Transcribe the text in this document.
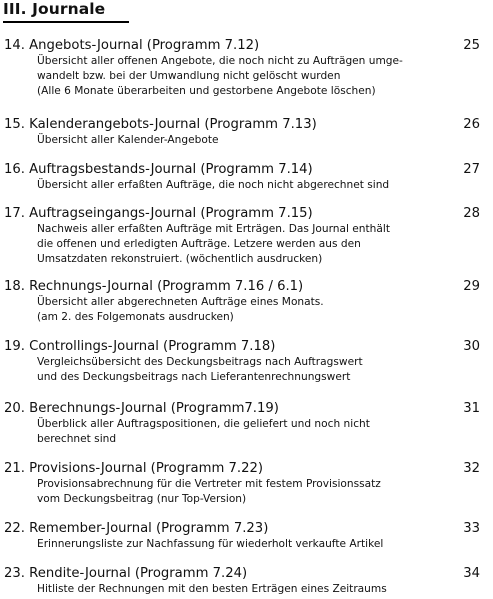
III. Journale
14. Angebots-Journal (Programm 7.12)	25
Übersicht aller offenen Angebote, die noch nicht zu Aufträgen umge-
wandelt bzw. bei der Umwandlung nicht gelöscht wurden
(Alle 6 Monate überarbeiten und gestorbene Angebote löschen)
15. Kalenderangebots-Journal (Programm 7.13)	26
Übersicht aller Kalender-Angebote
16. Auftragsbestands-Journal (Programm 7.14)	27
Übersicht aller erfaßten Aufträge, die noch nicht abgerechnet sind
17. Auftragseingangs-Journal (Programm 7.15)	28
Nachweis aller erfaßten Aufträge mit Erträgen. Das Journal enthält
die offenen und erledigten Aufträge. Letzere werden aus den
Umsatzdaten rekonstruiert. (wöchentlich ausdrucken)
18. Rechnungs-Journal (Programm 7.16 / 6.1)	29
Übersicht aller abgerechneten Aufträge eines Monats.
(am 2. des Folgemonats ausdrucken)
19. Controllings-Journal (Programm 7.18)	30
Vergleichsübersicht des Deckungsbeitrags nach Auftragswert
und des Deckungsbeitrags nach Lieferantenrechnungswert
20. Berechnungs-Journal (Programm7.19)	31
Überblick aller Auftragspositionen, die geliefert und noch nicht
berechnet sind
21. Provisions-Journal (Programm 7.22)	32
Provisionsabrechnung für die Vertreter mit festem Provisionssatz
vom Deckungsbeitrag (nur Top-Version)
22. Remember-Journal (Programm 7.23)	33
Erinnerungsliste zur Nachfassung für wiederholt verkaufte Artikel
23. Rendite-Journal (Programm 7.24)	34
Hitliste der Rechnungen mit den besten Erträgen eines Zeitraums
